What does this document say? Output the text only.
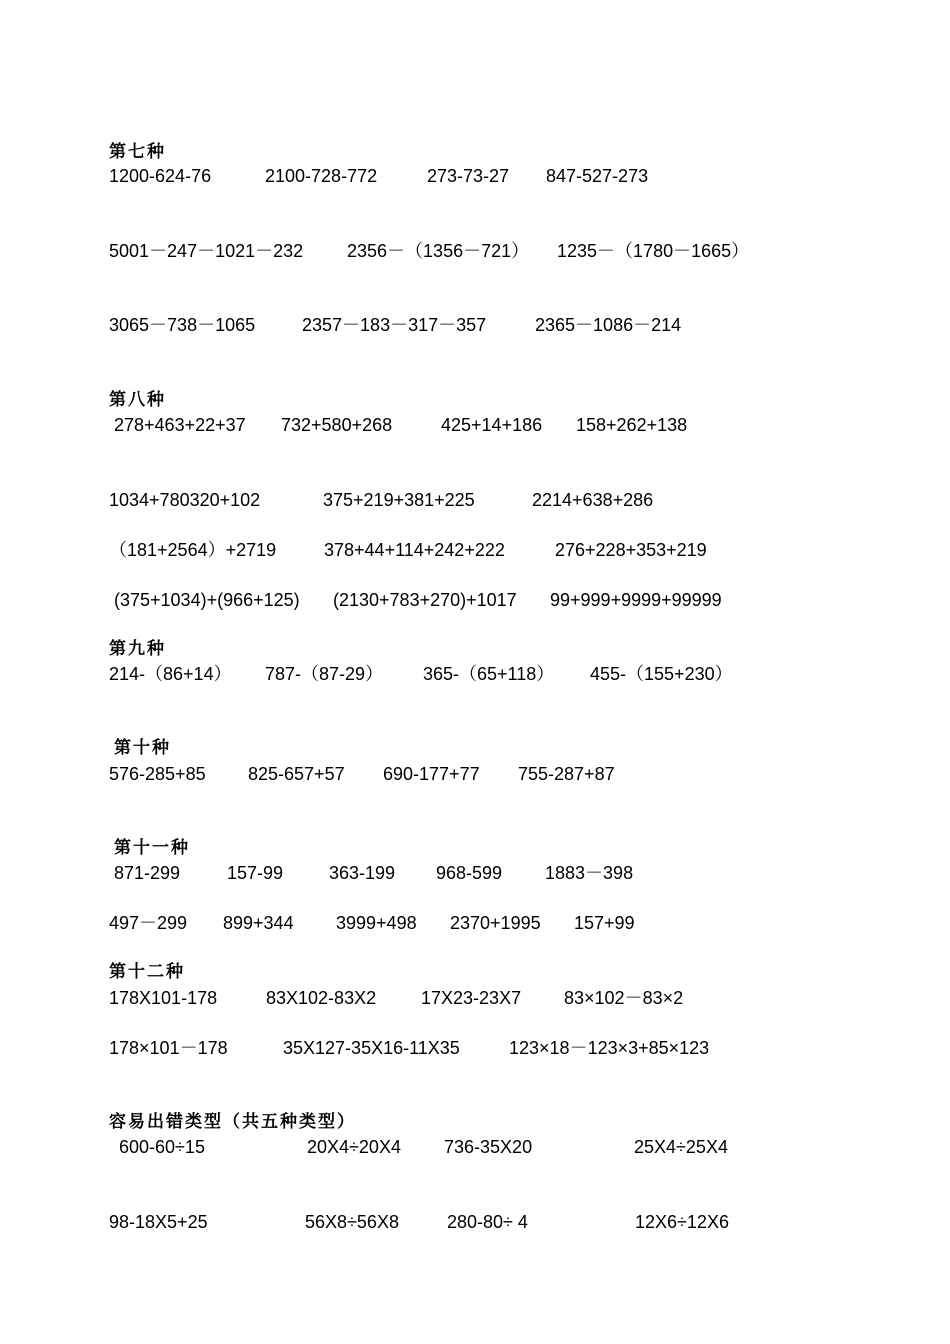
第七种
1200-624-76	2100-728-772	273-73-27 847-527-273
5001－247－1021－232 2356－（1356－721） 1235－（1780－1665）
3065－738－1065	2357－183－317－357	2365－1086－214
第八种
278+463+22+37 732+580+268	425+14+186 158+262+138
1034+780320+102	375+219+381+225	2214+638+286
（181+2564）+2719	378+44+114+242+222	276+228+353+219
(375+1034)+(966+125) (2130+783+270)+1017 99+999+9999+99999
第九种
214-（86+14） 787-（87-29） 365-（65+118） 455-（155+230）
第十种
576-285+85 825-657+57 690-177+77 755-287+87
第十一种
871-299	157-99	363-199 968-599 1883－398
497－299 899+344 3999+498 2370+1995 157+99
第十二种
178X101-178	83X102-83X2 17X23-23X7 83×102－83×2
178×101－178	35X127-35X16-11X35	123×18－123×3+85×123
容易出错类型（共五种类型）
600-60÷15	20X4÷20X4 736-35X20	25X4÷25X4
98-18X5+25	56X8÷56X8	280-80÷ 4	12X6÷12X6
